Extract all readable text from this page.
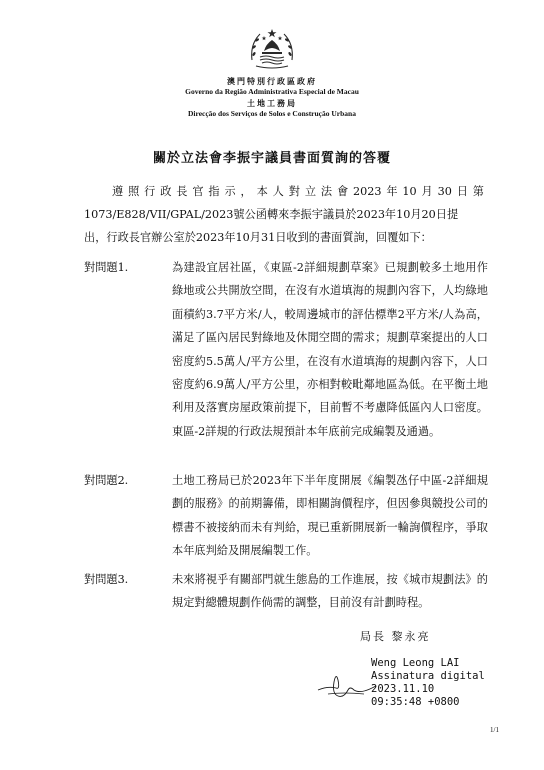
澳門特別行政區政府
Governo da Região Administrativa Especial de Macau
土地工務局
Direcção dos Serviços de Solos e Construção Urbana
關於立法會李振宇議員書面質詢的答覆

遵照行政長官指示，本人對立法會2023年10月30日第

1073/E828/VII/GPAL/2023號公函轉來李振宇議員於2023年10月20日提

出，行政長官辦公室於2023年10月31日收到的書面質詢，回覆如下：

對問題1.	為建設宜居社區，《東區-2詳細規劃草案》已規劃較多土地用作綠地或公共開放空間，在沒有水道填海的規劃內容下，人均綠地面積約3.7平方米/人，較周邊城市的評估標準2平方米/人為高，滿足了區內居民對綠地及休閒空間的需求；規劃草案提出的人口密度約5.5萬人/平方公里，在沒有水道填海的規劃內容下，人口密度約6.9萬人/平方公里，亦相對較毗鄰地區為低。在平衡土地利用及落實房屋政策前提下，目前暫不考慮降低區內人口密度。東區-2詳規的行政法規預計本年底前完成編製及通過。
對問題2.	土地工務局已於2023年下半年度開展《編製氹仔中區-2詳細規劃的服務》的前期籌備，即相關詢價程序，但因參與競投公司的標書不被接納而未有判給，現已重新開展新一輪詢價程序，爭取本年底判給及開展編製工作。
對問題3.	未來將視乎有關部門就生態島的工作進展，按《城市規劃法》的規定對總體規劃作倘需的調整，目前沒有計劃時程。
局長 黎永亮
Weng Leong LAI
Assinatura digital
2023.11.10
09:35:48 +0800
1/1
